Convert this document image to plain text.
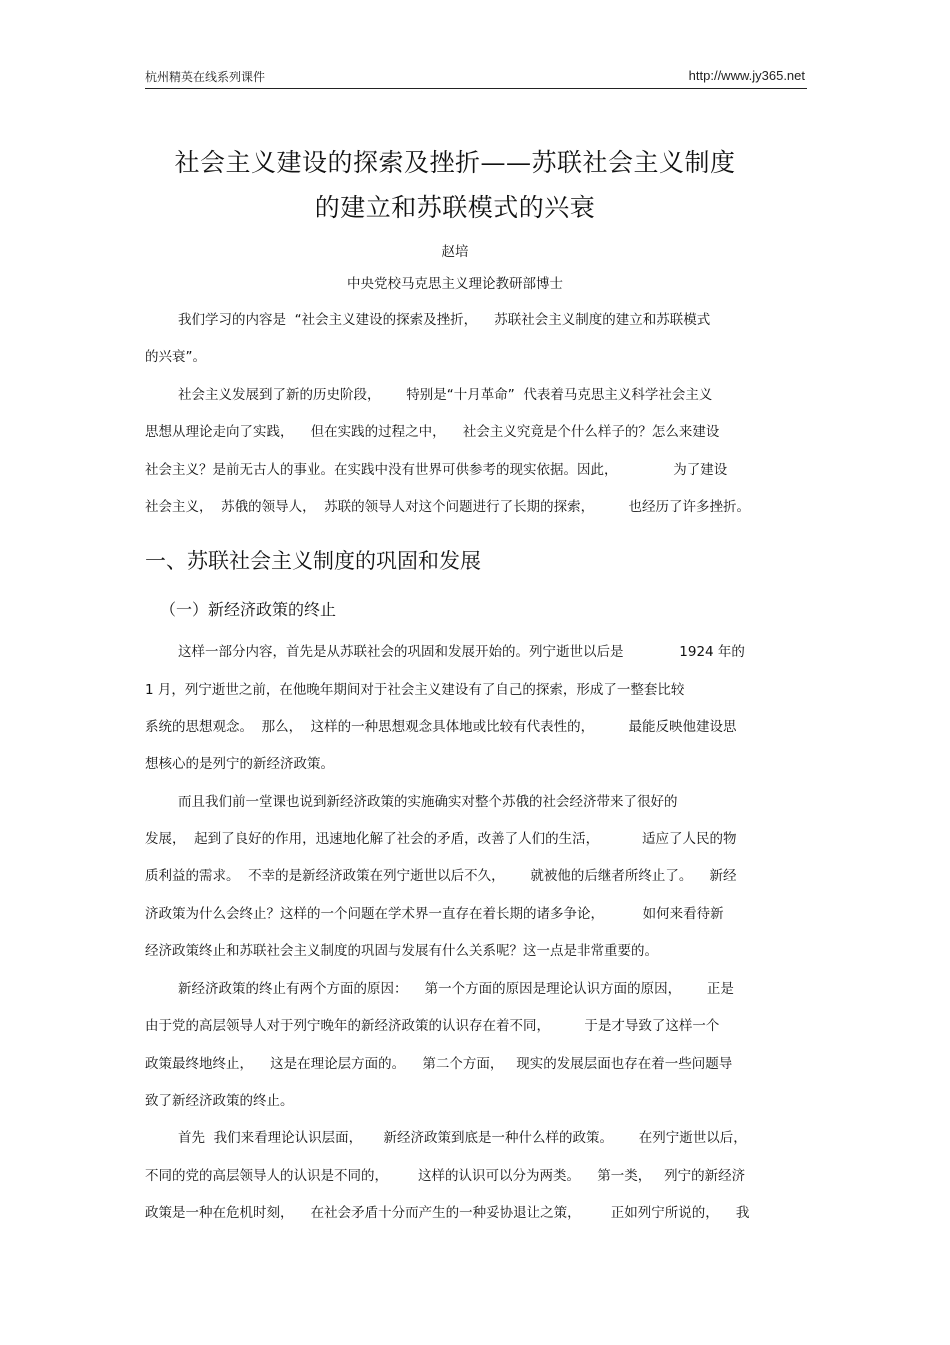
杭州精英在线系列课件	http://www.jy365.net
社会主义建设的探索及挫折——苏联社会主义制度
的建立和苏联模式的兴衰
赵培
中央党校马克思主义理论教研部博士
我们学习的内容是  “社会主义建设的探索及挫折，    苏联社会主义制度的建立和苏联模式
的兴衰”。
社会主义发展到了新的历史阶段，      特别是“十月革命”  代表着马克思主义科学社会主义
思想从理论走向了实践，    但在实践的过程之中，    社会主义究竟是个什么样子的？怎么来建设
社会主义？是前无古人的事业。在实践中没有世界可供参考的现实依据。因此，             为了建设
社会主义，  苏俄的领导人，  苏联的领导人对这个问题进行了长期的探索，        也经历了许多挫折。
一、苏联社会主义制度的巩固和发展
（一）新经济政策的终止
这样一部分内容，首先是从苏联社会的巩固和发展开始的。列宁逝世以后是             1924 年的
1 月，列宁逝世之前，在他晚年期间对于社会主义建设有了自己的探索，形成了一整套比较
系统的思想观念。  那么，  这样的一种思想观念具体地或比较有代表性的，        最能反映他建设思
想核心的是列宁的新经济政策。
而且我们前一堂课也说到新经济政策的实施确实对整个苏俄的社会经济带来了很好的
发展，  起到了良好的作用，迅速地化解了社会的矛盾，改善了人们的生活，          适应了人民的物
质利益的需求。  不幸的是新经济政策在列宁逝世以后不久，      就被他的后继者所终止了。    新经
济政策为什么会终止？这样的一个问题在学术界一直存在着长期的诸多争论，         如何来看待新
经济政策终止和苏联社会主义制度的巩固与发展有什么关系呢？这一点是非常重要的。
新经济政策的终止有两个方面的原因：    第一个方面的原因是理论认识方面的原因，      正是
由于党的高层领导人对于列宁晚年的新经济政策的认识存在着不同，        于是才导致了这样一个
政策最终地终止，    这是在理论层方面的。    第二个方面，   现实的发展层面也存在着一些问题导
致了新经济政策的终止。
首先  我们来看理论认识层面，     新经济政策到底是一种什么样的政策。      在列宁逝世以后，
不同的党的高层领导人的认识是不同的，       这样的认识可以分为两类。    第一类，   列宁的新经济
政策是一种在危机时刻，    在社会矛盾十分而产生的一种妥协退让之策，       正如列宁所说的，    我
